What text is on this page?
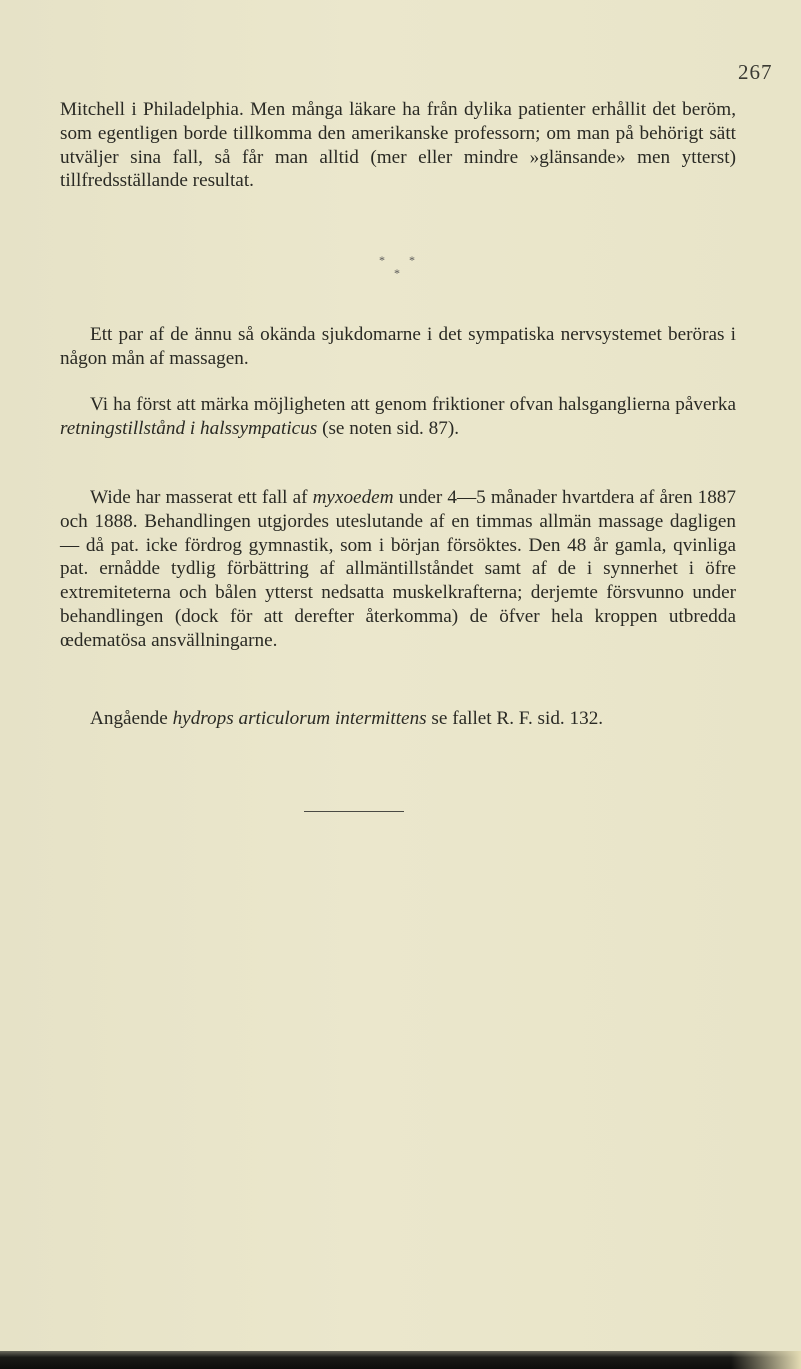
267

Mitchell i Philadelphia. Men många läkare ha från dylika patienter erhållit det beröm, som egentligen borde tillkomma den amerikanske professorn; om man på behörigt sätt utväljer sina fall, så får man alltid (mer eller mindre »glänsande» men ytterst) tillfredsställande resultat.

* *
*

Ett par af de ännu så okända sjukdomarne i det sympatiska nervsystemet beröras i någon mån af massagen.

Vi ha först att märka möjligheten att genom friktioner ofvan halsganglierna påverka retningstillstånd i halssympaticus (se noten sid. 87).

Wide har masserat ett fall af myxoedem under 4—5 månader hvartdera af åren 1887 och 1888. Behandlingen utgjordes uteslutande af en timmas allmän massage dagligen — då pat. icke fördrog gymnastik, som i början försöktes. Den 48 år gamla, qvinliga pat. ernådde tydlig förbättring af allmäntillståndet samt af de i synnerhet i öfre extremiteterna och bålen ytterst nedsatta muskelkrafterna; derjemte försvunno under behandlingen (dock för att derefter återkomma) de öfver hela kroppen utbredda œdematösa ansvällningarne.

Angående hydrops articulorum intermittens se fallet R. F. sid. 132.
